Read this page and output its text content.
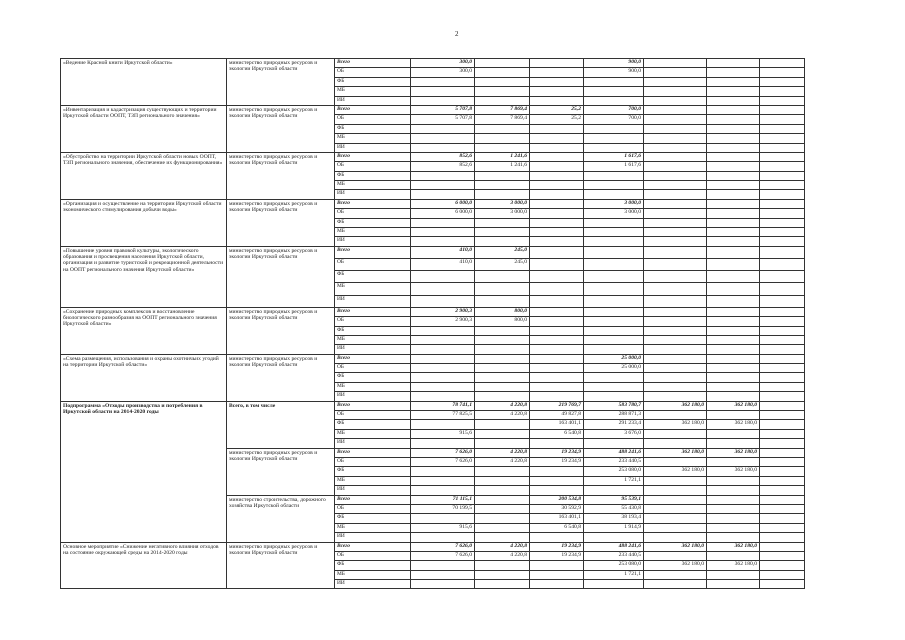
2
«Ведение Красной книги Иркутской области»	министерство природных ресурсов и экологии Иркутской области	Всего	300,0			900,0			
		ОБ	300,0			900,0			
		ФБ							
		МБ							
		ИИ							
«Инвентаризация и кадастризация существующих и территории Иркутской области ООПТ, ТЗП регионального значения»	министерство природных ресурсов и экологии Иркутской области	Всего	5 707,8	7 869,4	25,2	700,0			
		ОБ	5 707,8	7 869,4	25,2	700,0			
		ФБ							
		МБ							
		ИИ							
«Обустройство на территории Иркутской области новых ООПТ, ТЗП регионального значения, обеспечение их функционирования»	министерство природных ресурсов и экологии Иркутской области	Всего	852,6	1 241,6		1 617,6			
		ОБ	852,6	1 241,6		1 617,6			
		ФБ							
		МБ							
		ИИ							
«Организация и осуществление на территории Иркутской области экономического стимулирования добычи воды»	министерство природных ресурсов и экологии Иркутской области	Всего	6 000,0	3 000,0		3 000,0			
		ОБ	6 000,0	3 000,0		3 000,0			
		ФБ							
		МБ							
		ИИ							
«Повышение уровня правовой культуры, экологического образования и просвещения населения Иркутской области, организация и развитие туристской и рекреационной деятельности на ООПТ регионального значения Иркутской области»	министерство природных ресурсов и экологии Иркутской области	Всего	410,0	245,0					
		ОБ	410,0	245,0					
		ФБ							
		МБ							
		ИИ							
«Сохранение природных комплексов и восстановление биологического разнообразия на ООПТ регионального значения Иркутской области»	министерство природных ресурсов и экологии Иркутской области	Всего	2 900,3	800,0					
		ОБ	2 900,3	800,0					
		ФБ							
		МБ							
		ИИ							
«Схема размещения, использования и охраны охотничьих угодий на территории Иркутской области»	министерство природных ресурсов и экологии Иркутской области	Всего				25 000,0			
		ОБ				25 000,0			
		ФБ							
		МБ							
		ИИ							
Подпрограмма «Отходы производства и потребления в Иркутской области на 2014-2020 годы	Всего, в том числе	Всего	78 741,1	4 220,8	219 769,7	583 780,7	362 180,0	362 180,0	
		ОБ	77 825,5	4 220,8	49 827,8	288 871,3			
		ФБ			163 401,1	291 233,4	362 180,0	362 180,0	
		МБ	915,6		6 540,8	3 676,0			
		ИИ							
	министерство природных ресурсов и экологии Иркутской области	Всего	7 626,0	4 220,8	19 234,9	488 241,6	362 180,0	362 180,0	
		ОБ	7 626,0	4 220,8	19 234,9	233 440,5			
		ФБ				253 080,0	362 180,0	362 180,0	
		МБ				1 721,1			
		ИИ							
	министерство строительства, дорожного хозяйства Иркутской области	Всего	71 115,1		200 534,8	95 539,1			
		ОБ	70 199,5		30 592,9	55 430,8			
		ФБ			163 401,1	38 193,4			
		МБ	915,6		6 540,8	1 914,9			
		ИИ							
Основное мероприятие «Снижение негативного влияния отходов на состояние окружающей среды на 2014-2020 годы	министерство природных ресурсов и экологии Иркутской области	Всего	7 626,0	4 220,8	19 234,9	488 241,6	362 180,0	362 180,0	
		ОБ	7 626,0	4 220,8	19 234,9	233 440,5			
		ФБ				253 080,0	362 180,0	362 180,0	
		МБ				1 721,1			
		ИИ							
